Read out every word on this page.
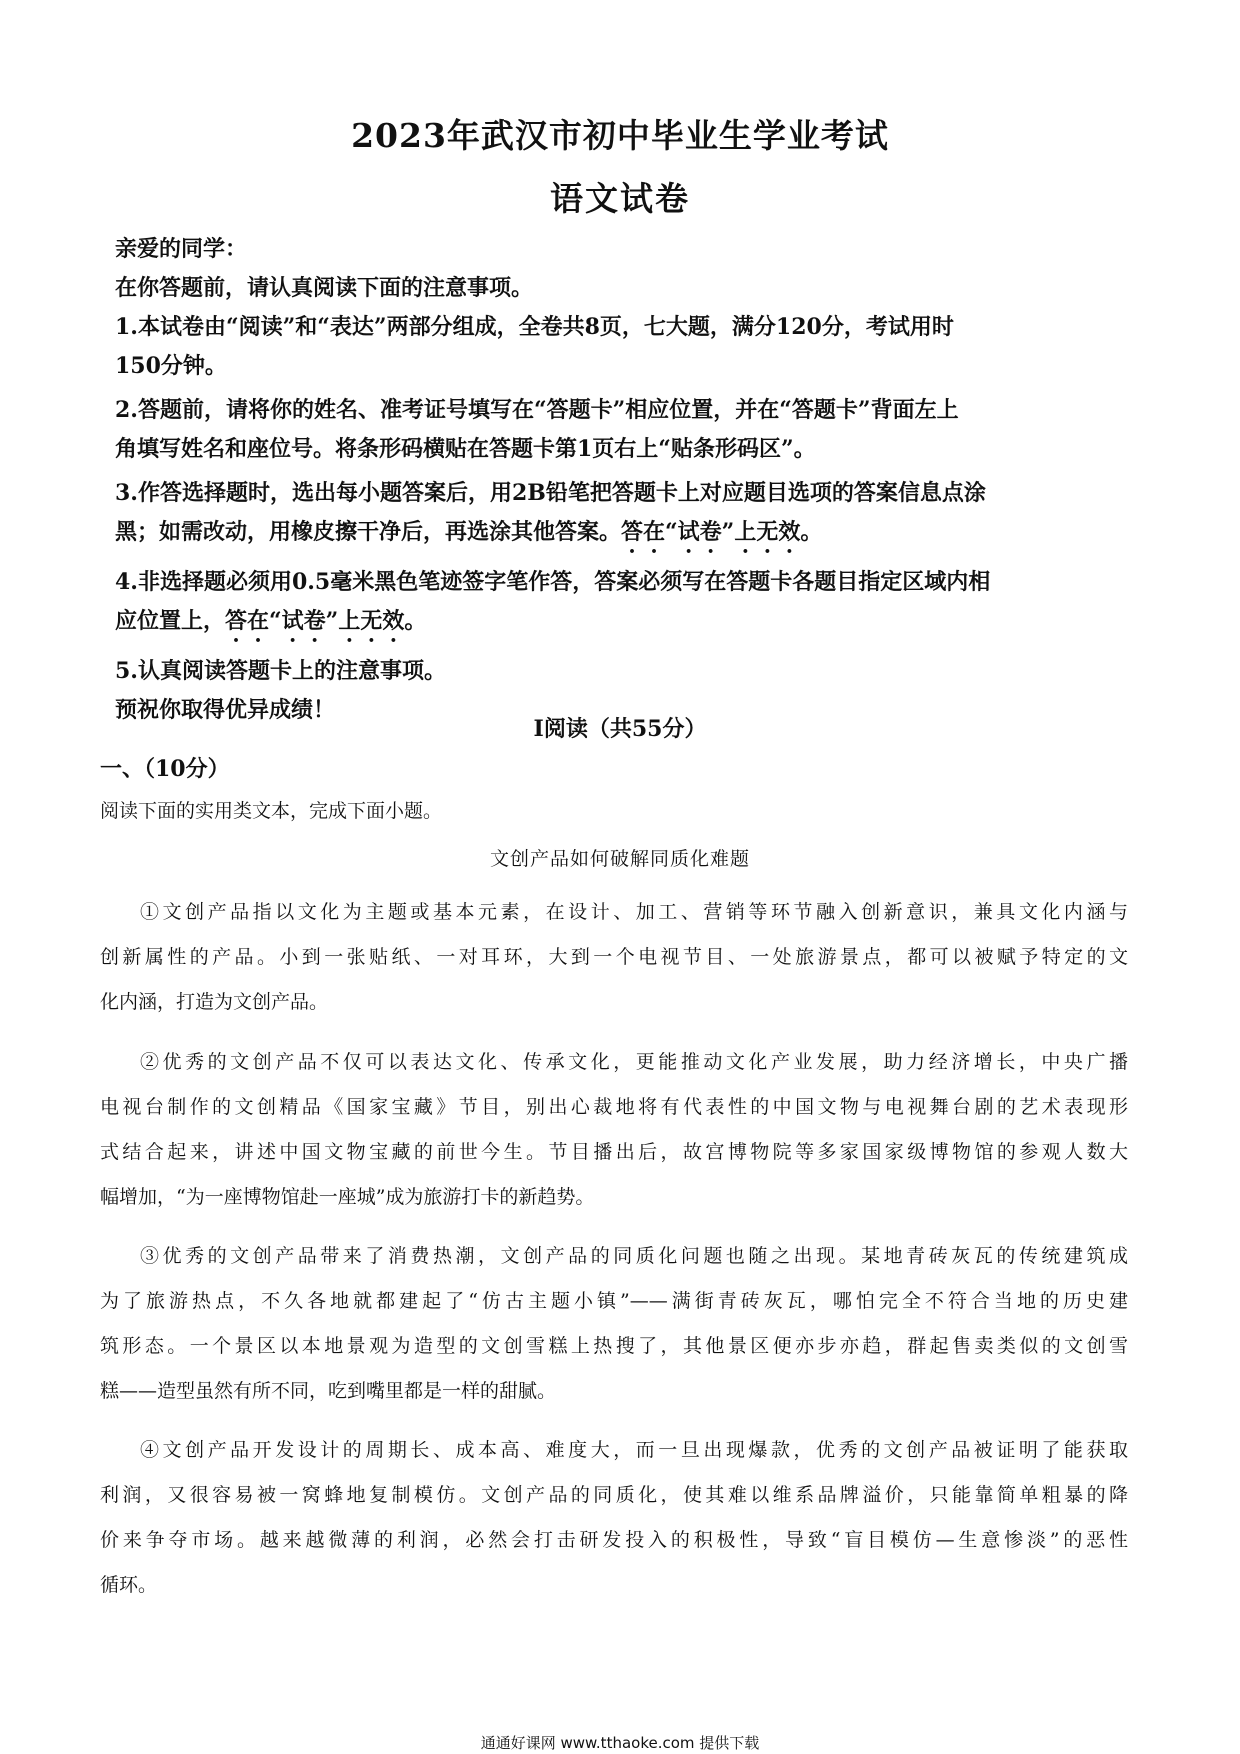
2023年武汉市初中毕业生学业考试
语文试卷
亲爱的同学：
在你答题前，请认真阅读下面的注意事项。
1.本试卷由“阅读”和“表达”两部分组成，全卷共8页，七大题，满分120分，考试用时
150分钟。
2.答题前，请将你的姓名、准考证号填写在“答题卡”相应位置，并在“答题卡”背面左上
角填写姓名和座位号。将条形码横贴在答题卡第1页右上“贴条形码区”。
3.作答选择题时，选出每小题答案后，用2B铅笔把答题卡上对应题目选项的答案信息点涂
黑；如需改动，用橡皮擦干净后，再选涂其他答案。答在“试卷”上无效。
4.非选择题必须用0.5毫米黑色笔迹签字笔作答，答案必须写在答题卡各题目指定区域内相
应位置上，答在“试卷”上无效。
5.认真阅读答题卡上的注意事项。
预祝你取得优异成绩！
Ⅰ阅读（共55分）
一、（10分）
阅读下面的实用类文本，完成下面小题。
文创产品如何破解同质化难题
①文创产品指以文化为主题或基本元素，在设计、加工、营销等环节融入创新意识，兼具文化内涵与
创新属性的产品。小到一张贴纸、一对耳环，大到一个电视节目、一处旅游景点，都可以被赋予特定的文
化内涵，打造为文创产品。
②优秀的文创产品不仅可以表达文化、传承文化，更能推动文化产业发展，助力经济增长，中央广播
电视台制作的文创精品《国家宝藏》节目，别出心裁地将有代表性的中国文物与电视舞台剧的艺术表现形
式结合起来，讲述中国文物宝藏的前世今生。节目播出后，故宫博物院等多家国家级博物馆的参观人数大
幅增加，“为一座博物馆赴一座城”成为旅游打卡的新趋势。
③优秀的文创产品带来了消费热潮，文创产品的同质化问题也随之出现。某地青砖灰瓦的传统建筑成
为了旅游热点，不久各地就都建起了“仿古主题小镇”——满街青砖灰瓦，哪怕完全不符合当地的历史建
筑形态。一个景区以本地景观为造型的文创雪糕上热搜了，其他景区便亦步亦趋，群起售卖类似的文创雪
糕——造型虽然有所不同，吃到嘴里都是一样的甜腻。
④文创产品开发设计的周期长、成本高、难度大，而一旦出现爆款，优秀的文创产品被证明了能获取
利润，又很容易被一窝蜂地复制模仿。文创产品的同质化，使其难以维系品牌溢价，只能靠简单粗暴的降
价来争夺市场。越来越微薄的利润，必然会打击研发投入的积极性，导致“盲目模仿—生意惨淡”的恶性
循环。
通通好课网 www.tthaoke.com 提供下载
